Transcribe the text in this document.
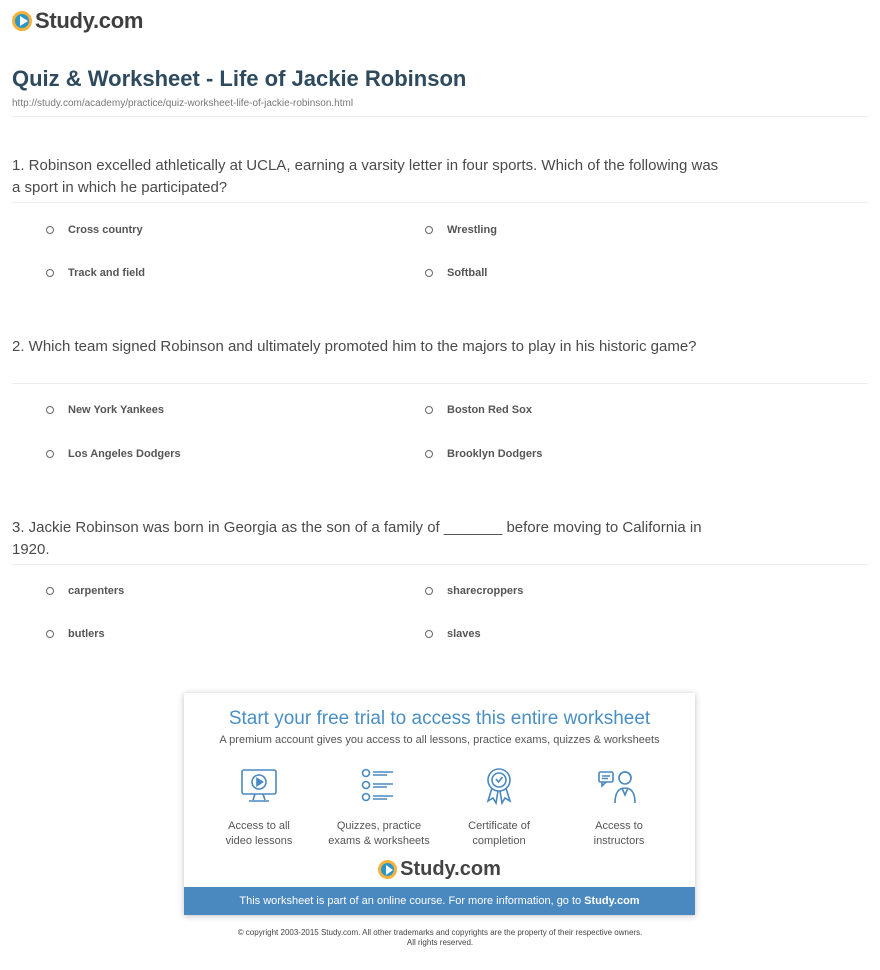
Study.com
Quiz & Worksheet - Life of Jackie Robinson
http://study.com/academy/practice/quiz-worksheet-life-of-jackie-robinson.html
1. Robinson excelled athletically at UCLA, earning a varsity letter in four sports. Which of the following was a sport in which he participated?
Cross country	Wrestling
Track and field	Softball
2. Which team signed Robinson and ultimately promoted him to the majors to play in his historic game?
New York Yankees	Boston Red Sox
Los Angeles Dodgers	Brooklyn Dodgers
3. Jackie Robinson was born in Georgia as the son of a family of _______ before moving to California in 1920.
carpenters	sharecroppers
butlers	slaves
Start your free trial to access this entire worksheet
A premium account gives you access to all lessons, practice exams, quizzes & worksheets
Access to all
video lessons
Quizzes, practice
exams & worksheets
Certificate of
completion
Access to
instructors
Study.com
This worksheet is part of an online course. For more information, go to Study.com
© copyright 2003-2015 Study.com. All other trademarks and copyrights are the property of their respective owners.
All rights reserved.
